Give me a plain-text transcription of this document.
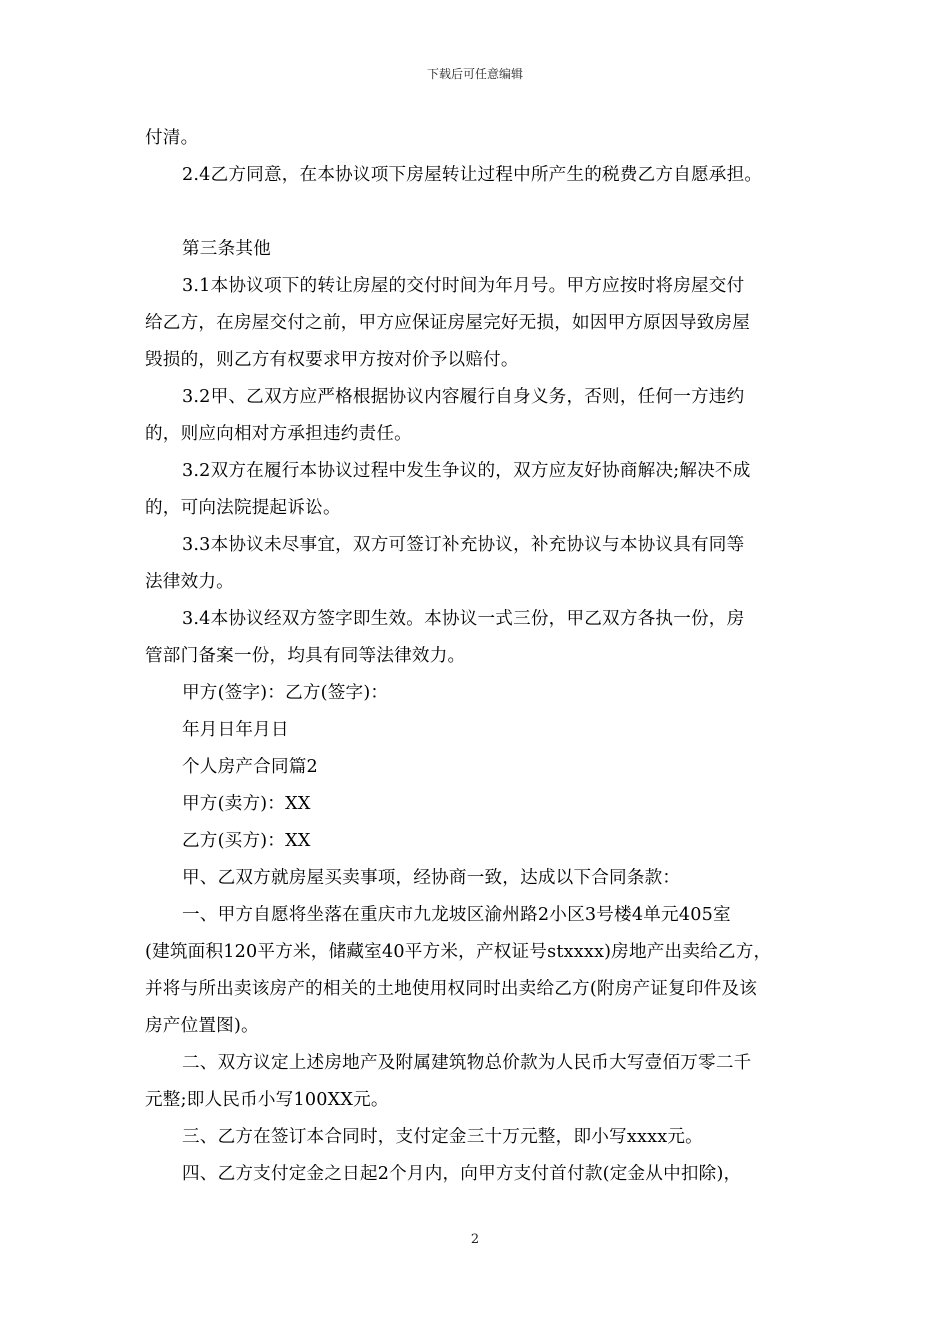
下载后可任意编辑
付清。
2.4乙方同意，在本协议项下房屋转让过程中所产生的税费乙方自愿承担。
第三条其他
3.1本协议项下的转让房屋的交付时间为年月号。甲方应按时将房屋交付
给乙方，在房屋交付之前，甲方应保证房屋完好无损，如因甲方原因导致房屋
毁损的，则乙方有权要求甲方按对价予以赔付。
3.2甲、乙双方应严格根据协议内容履行自身义务，否则，任何一方违约
的，则应向相对方承担违约责任。
3.2双方在履行本协议过程中发生争议的，双方应友好协商解决;解决不成
的，可向法院提起诉讼。
3.3本协议未尽事宜，双方可签订补充协议，补充协议与本协议具有同等
法律效力。
3.4本协议经双方签字即生效。本协议一式三份，甲乙双方各执一份，房
管部门备案一份，均具有同等法律效力。
甲方(签字)：乙方(签字)：
年月日年月日
个人房产合同篇2
甲方(卖方)：XX
乙方(买方)：XX
甲、乙双方就房屋买卖事项，经协商一致，达成以下合同条款：
一、甲方自愿将坐落在重庆市九龙坡区渝州路2小区3号楼4单元405室
(建筑面积120平方米，储藏室40平方米，产权证号stxxxx)房地产出卖给乙方，
并将与所出卖该房产的相关的土地使用权同时出卖给乙方(附房产证复印件及该
房产位置图)。
二、双方议定上述房地产及附属建筑物总价款为人民币大写壹佰万零二千
元整;即人民币小写100XX元。
三、乙方在签订本合同时，支付定金三十万元整，即小写xxxx元。
四、乙方支付定金之日起2个月内，向甲方支付首付款(定金从中扣除)，
2
